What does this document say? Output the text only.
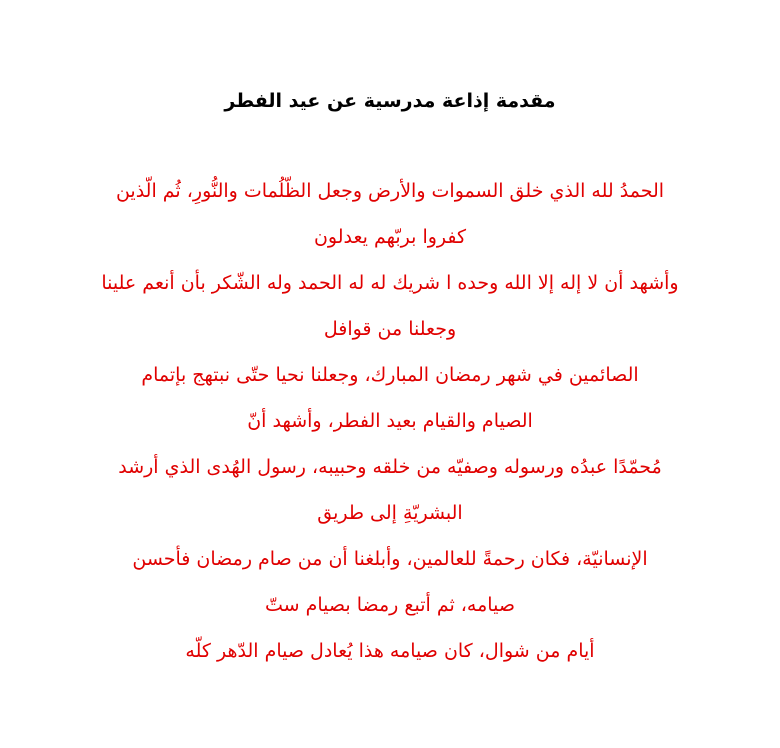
مقدمة إذاعة مدرسية عن عيد الفطر
الحمدُ لله الذي خلق السموات والأرض وجعل الظّلُمات والنُّورِ، ثُم الّذين
كفروا بربّهم يعدلون
وأشهد أن لا إله إلا الله وحده ا شريك له له الحمد وله الشّكر بأن أنعم علينا
وجعلنا من قوافل
الصائمين في شهر رمضان المبارك، وجعلنا نحيا حتّى نبتهج بإتمام
الصيام والقيام بعيد الفطر، وأشهد أنّ
مُحمّدًا عبدُه ورسوله وصفيّه من خلقه وحبيبه، رسول الهُدى الذي أرشد
البشريّةِ إلى طريق
الإنسانيّة، فكان رحمةً للعالمين، وأبلغنا أن من صام رمضان فأحسن
صيامه، ثم أتبع رمضا بصيام ستّ
أيام من شوال، كان صيامه هذا يُعادل صيام الدّهر كلّه
